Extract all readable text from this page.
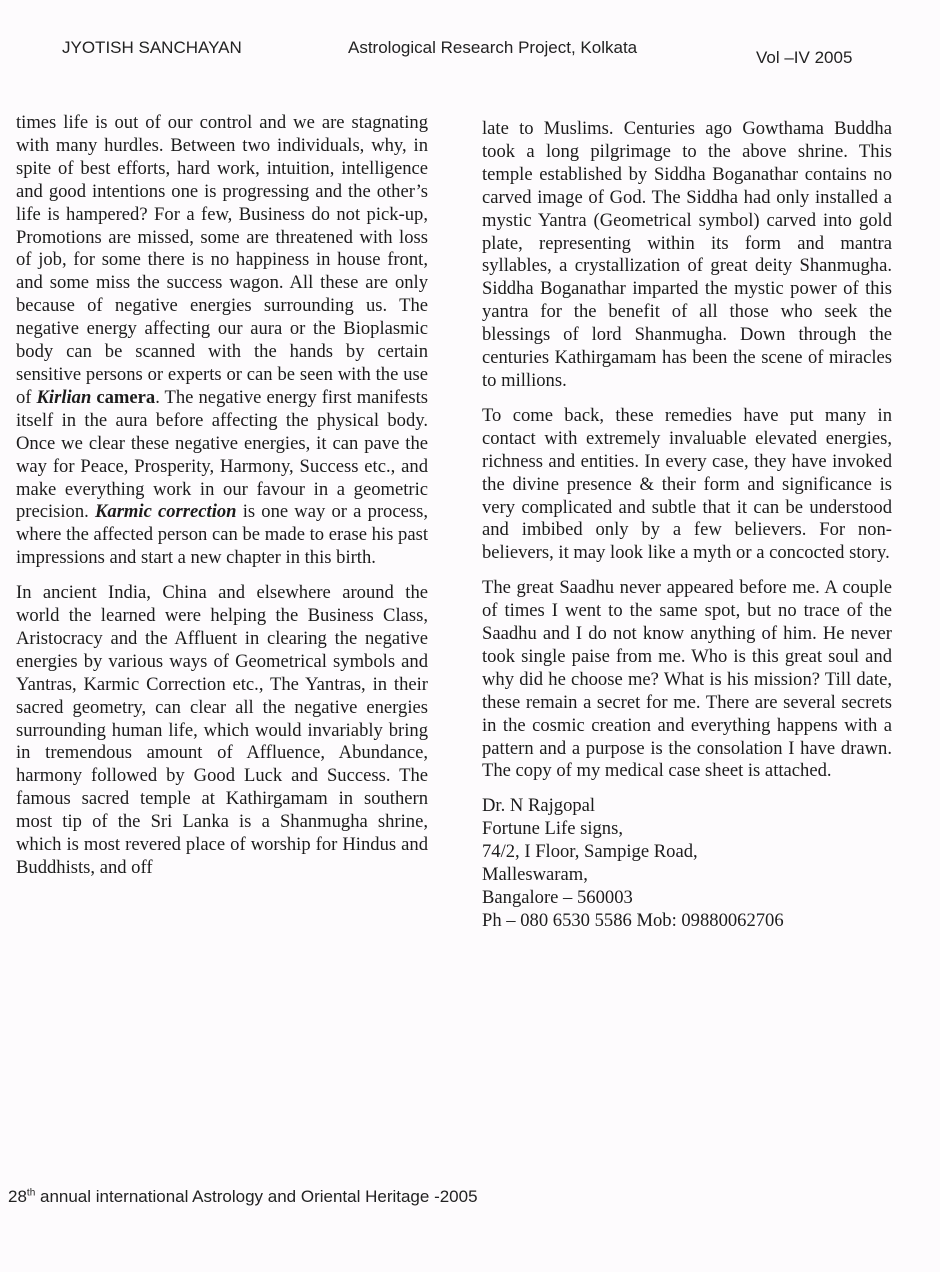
JYOTISH SANCHAYAN	Astrological Research Project, Kolkata
Vol –IV 2005

times life is out of our control and we are stagnating with many hurdles. Between two individuals, why, in spite of best efforts, hard work, intuition, intelligence and good intentions one is progressing and the other’s life is hampered? For a few, Business do not pick-up, Promotions are missed, some are threatened with loss of job, for some there is no happiness in house front, and some miss the success wagon. All these are only because of negative energies surrounding us. The negative energy affecting our aura or the Bioplasmic body can be scanned with the hands by certain sensitive persons or experts or can be seen with the use of Kirlian camera. The negative energy first manifests itself in the aura before affecting the physical body. Once we clear these negative energies, it can pave the way for Peace, Prosperity, Harmony, Success etc., and make everything work in our favour in a geometric precision. Karmic correction is one way or a process, where the affected person can be made to erase his past impressions and start a new chapter in this birth.

In ancient India, China and elsewhere around the world the learned were helping the Business Class, Aristocracy and the Affluent in clearing the negative energies by various ways of Geometrical symbols and Yantras, Karmic Correction etc., The Yantras, in their sacred geometry, can clear all the negative energies surrounding human life, which would invariably bring in tremendous amount of Affluence, Abundance, harmony followed by Good Luck and Success. The famous sacred temple at Kathirgamam in southern most tip of the Sri Lanka is a Shanmugha shrine, which is most revered place of worship for Hindus and Buddhists, and off

late to Muslims. Centuries ago Gowthama Buddha took a long pilgrimage to the above shrine. This temple established by Siddha Boganathar contains no carved image of God. The Siddha had only installed a mystic Yantra (Geometrical symbol) carved into gold plate, representing within its form and mantra syllables, a crystallization of great deity Shanmugha. Siddha Boganathar imparted the mystic power of this yantra for the benefit of all those who seek the blessings of lord Shanmugha. Down through the centuries Kathirgamam has been the scene of miracles to millions.

To come back, these remedies have put many in contact with extremely invaluable elevated energies, richness and entities. In every case, they have invoked the divine presence & their form and significance is very complicated and subtle that it can be understood and imbibed only by a few believers. For non-believers, it may look like a myth or a concocted story.

The great Saadhu never appeared before me. A couple of times I went to the same spot, but no trace of the Saadhu and I do not know anything of him. He never took single paise from me. Who is this great soul and why did he choose me? What is his mission? Till date, these remain a secret for me. There are several secrets in the cosmic creation and everything happens with a pattern and a purpose is the consolation I have drawn. The copy of my medical case sheet is attached.

Dr. N Rajgopal
Fortune Life signs,
74/2, I Floor, Sampige Road,
Malleswaram,
Bangalore – 560003
Ph – 080 6530 5586 Mob: 09880062706
28th annual international Astrology and Oriental Heritage -2005
